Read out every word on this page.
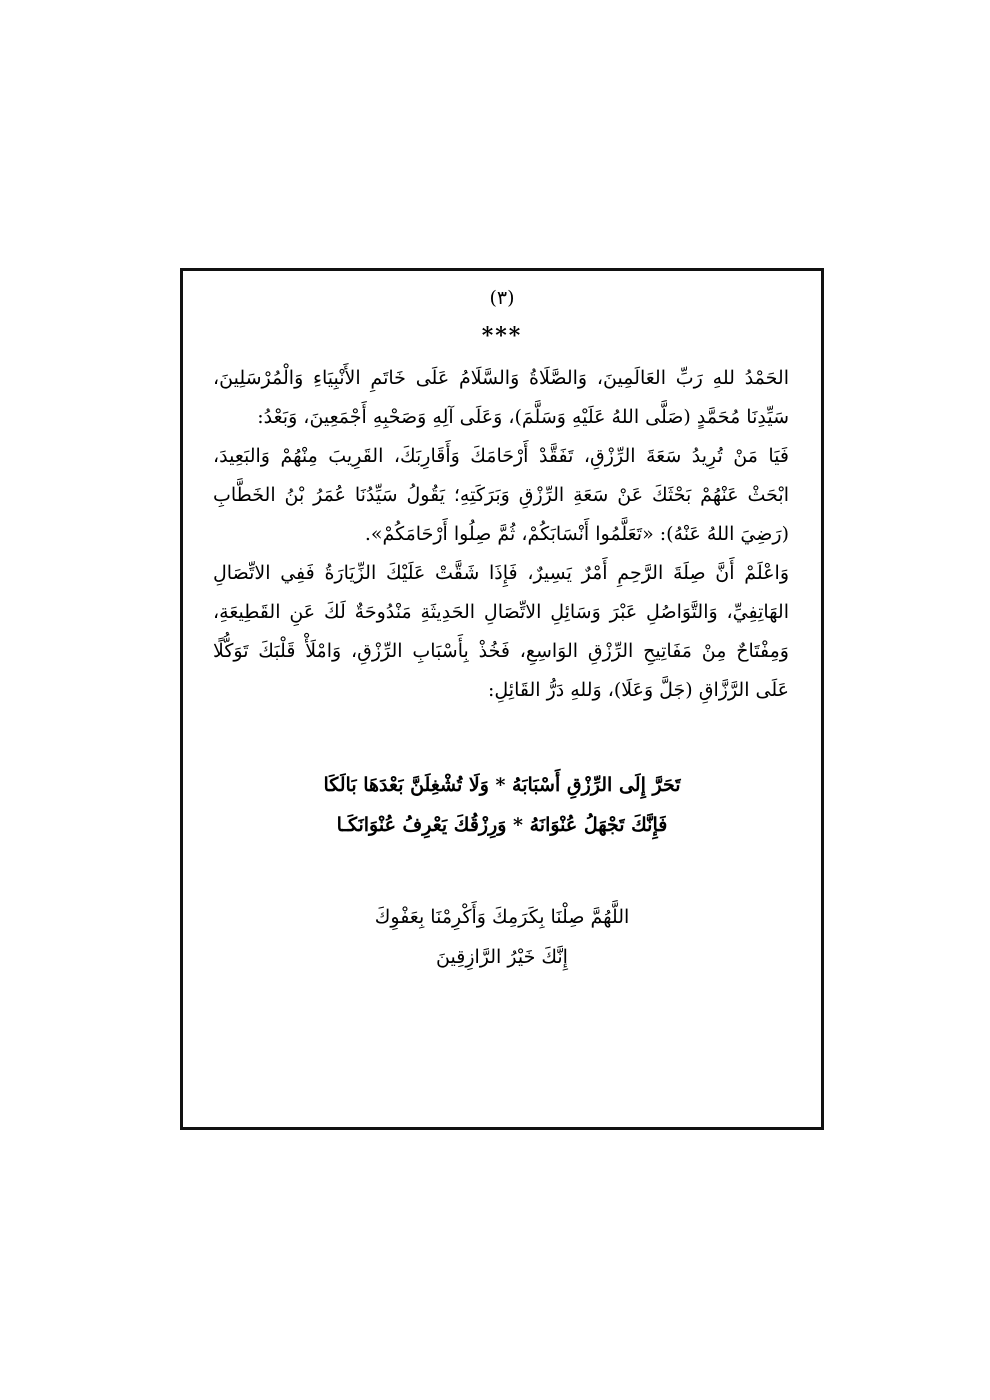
(٣)
***

الحَمْدُ للهِ رَبِّ العَالَمِينَ، وَالصَّلَاةُ وَالسَّلَامُ عَلَى خَاتَمِ الأَنْبِيَاءِ وَالْمُرْسَلِينَ، سَيِّدِنَا مُحَمَّدٍ (صَلَّى اللهُ عَلَيْهِ وَسَلَّمَ)، وَعَلَى آلِهِ وَصَحْبِهِ أَجْمَعِينَ، وَبَعْدُ:

فَيَا مَنْ تُرِيدُ سَعَةَ الرِّزْقِ، تَفَقَّدْ أَرْحَامَكَ وَأَقَارِبَكَ، القَرِيبَ مِنْهُمْ وَالبَعِيدَ، ابْحَثْ عَنْهُمْ بَحْثَكَ عَنْ سَعَةِ الرِّزْقِ وَبَرَكَتِهِ؛ يَقُولُ سَيِّدُنَا عُمَرُ بْنُ الخَطَّابِ (رَضِيَ اللهُ عَنْهُ): «تَعَلَّمُوا أَنْسَابَكُمْ، ثُمَّ صِلُوا أَرْحَامَكُمْ».

وَاعْلَمْ أَنَّ صِلَةَ الرَّحِمِ أَمْرٌ يَسِيرٌ، فَإِذَا شَقَّتْ عَلَيْكَ الزِّيَارَةُ فَفِي الاتِّصَالِ الهَاتِفِيِّ، وَالتَّوَاصُلِ عَبْرَ وَسَائِلِ الاتِّصَالِ الحَدِيثَةِ مَنْدُوحَةٌ لَكَ عَنِ القَطِيعَةِ، وَمِفْتَاحٌ مِنْ مَفَاتِيحِ الرِّزْقِ الوَاسِعِ، فَخُذْ بِأَسْبَابِ الرِّزْقِ، وَامْلَأْ قَلْبَكَ تَوَكُّلًا عَلَى الرَّزَّاقِ (جَلَّ وَعَلَا)، وَللهِ دَرُّ القَائِلِ:

تَحَرَّ إِلَى الرِّزْقِ أَسْبَابَهُ * وَلَا تُشْغِلَنَّ بَعْدَهَا بَالَكَا

فَإِنَّكَ تَجْهَلُ عُنْوَانَهُ * وَرِزْقُكَ يَعْرِفُ عُنْوَانَكَـا

اللَّهُمَّ صِلْنَا بِكَرَمِكَ وَأَكْرِمْنَا بِعَفْوِكَ

إِنَّكَ خَيْرُ الرَّازِقِينَ
